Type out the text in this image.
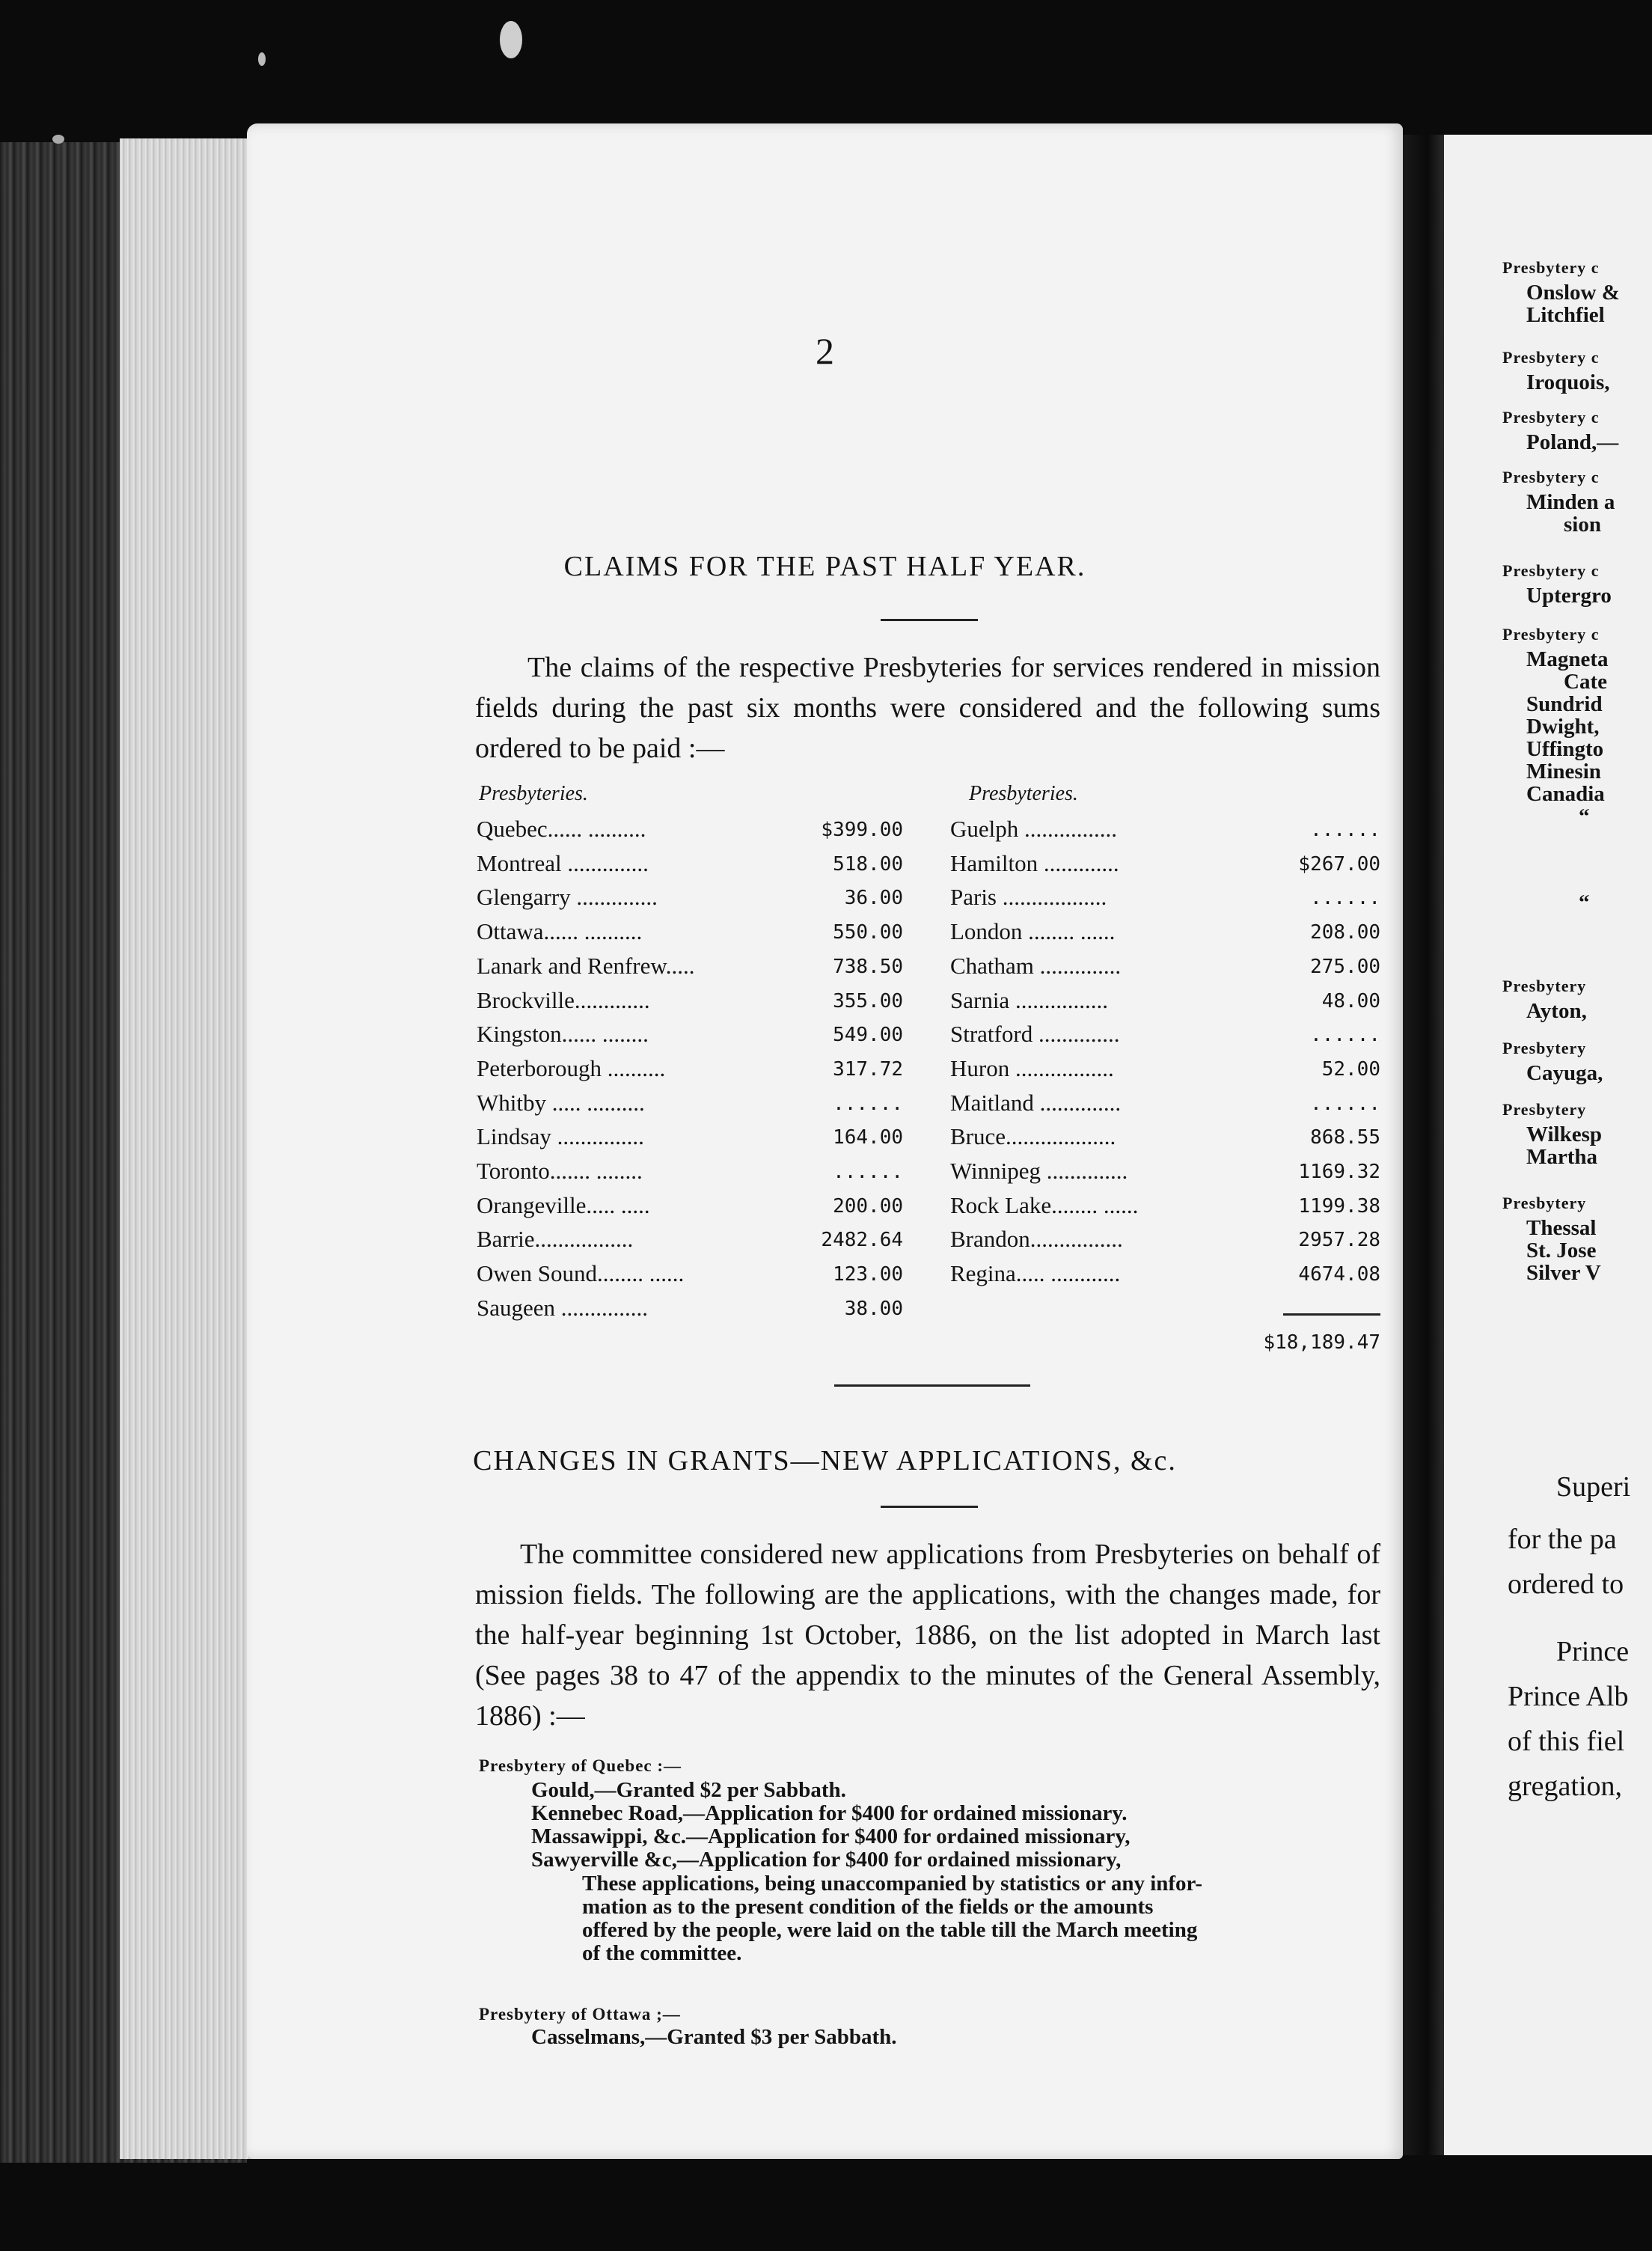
2
CLAIMS FOR THE PAST HALF YEAR.
The claims of the respective Presbyteries for services rendered in mission fields during the past six months were considered and the following sums ordered to be paid :—
Presbyteries.	Presbyteries.
Quebec...... ..........	$399.00
Montreal ..............	518.00
Glengarry ..............	36.00
Ottawa...... ..........	550.00
Lanark and Renfrew.....	738.50
Brockville.............	355.00
Kingston...... ........	549.00
Peterborough ..........	317.72
Whitby ..... ..........	......
Lindsay ...............	164.00
Toronto....... ........	......
Orangeville..... .....	200.00
Barrie.................	2482.64
Owen Sound........ ......	123.00
Saugeen ...............	38.00
Guelph ................	......
Hamilton .............	$267.00
Paris ..................	......
London ........ ......	208.00
Chatham ..............	275.00
Sarnia ................	48.00
Stratford ..............	......
Huron .................	52.00
Maitland ..............	......
Bruce...................	868.55
Winnipeg ..............	1169.32
Rock Lake........ ......	1199.38
Brandon................	2957.28
Regina..... ............	4674.08
$18,189.47
CHANGES IN GRANTS—NEW APPLICATIONS, &c.
The committee considered new applications from Presbyteries on behalf of mission fields. The following are the applications, with the changes made, for the half-year beginning 1st October, 1886, on the list adopted in March last (See pages 38 to 47 of the appendix to the minutes of the General Assembly, 1886) :—
Presbytery of Quebec :—
Gould,—Granted $2 per Sabbath.
Kennebec Road,—Application for $400 for ordained missionary.
Massawippi, &c.—Application for $400 for ordained missionary,
Sawyerville &c,—Application for $400 for ordained missionary,
These applications, being unaccompanied by statistics or any infor-
mation as to the present condition of the fields or the amounts
offered by the people, were laid on the table till the March meeting
of the committee.
Presbytery of Ottawa ;—
Casselmans,—Granted $3 per Sabbath.
Presbytery c
Onslow &
Litchfiel
Presbytery c
Iroquois,
Presbytery c
Poland,—
Presbytery c
Minden a
sion
Presbytery c
Uptergro
Presbytery c
Magneta
Cate
Sundrid
Dwight,
Uffingto
Minesin
Canadia
“
“
Presbytery
Ayton,
Presbytery
Cayuga,
Presbytery
Wilkesp
Martha
Presbytery
Thessal
St. Jose
Silver V
Superi
for the pa
ordered to
Prince
Prince Alb
of this fiel
gregation,
